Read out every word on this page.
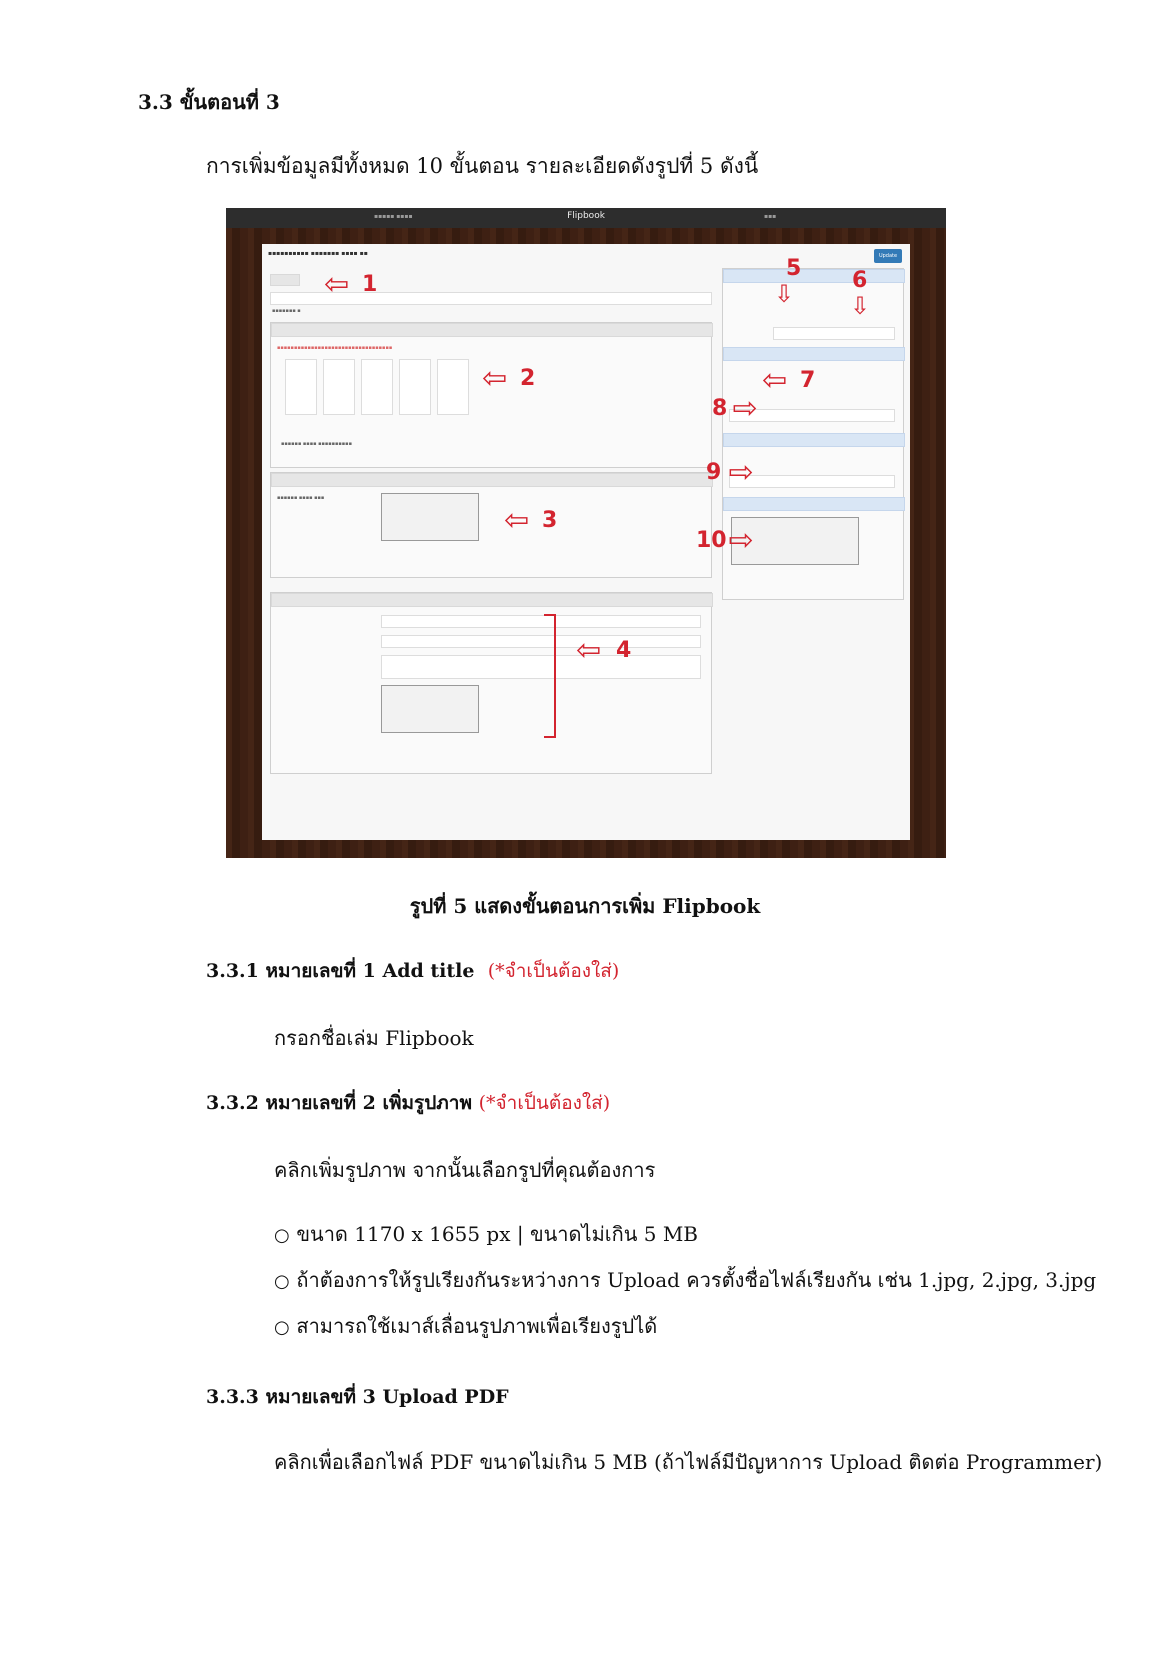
3.3 ขั้นตอนที่ 3
การเพิ่มข้อมูลมีทั้งหมด 10 ขั้นตอน รายละเอียดดังรูปที่ 5 ดังนี้
▪▪▪▪▪ ▪▪▪▪	Flipbook	▪▪▪
▪▪▪▪▪▪▪▪▪▪ ▪▪▪▪▪▪▪ ▪▪▪▪ ▪▪	Update
▪▪▪▪▪▪▪ ▪
▪▪▪▪▪▪▪▪▪▪▪▪▪▪▪▪▪▪▪▪▪▪▪▪▪▪▪▪▪▪▪▪▪▪
▪▪▪▪▪▪ ▪▪▪▪ ▪▪▪▪▪▪▪▪▪▪
▪▪▪▪▪▪ ▪▪▪▪ ▪▪▪
⇦ 1
⇦ 2
⇦ 3
⇦ 4
5
⇩	6
⇩
⇦ 7
8 ⇦
9 ⇦
10 ⇦
รูปที่ 5 แสดงขั้นตอนการเพิ่ม Flipbook
3.3.1 หมายเลขที่ 1 Add title (*จำเป็นต้องใส่)
กรอกชื่อเล่ม Flipbook
3.3.2 หมายเลขที่ 2 เพิ่มรูปภาพ (*จำเป็นต้องใส่)
คลิกเพิ่มรูปภาพ จากนั้นเลือกรูปที่คุณต้องการ
○ ขนาด 1170 x 1655 px | ขนาดไม่เกิน 5 MB
○ ถ้าต้องการให้รูปเรียงกันระหว่างการ Upload ควรตั้งชื่อไฟล์เรียงกัน เช่น 1.jpg, 2.jpg, 3.jpg
○ สามารถใช้เมาส์เลื่อนรูปภาพเพื่อเรียงรูปได้
3.3.3 หมายเลขที่ 3 Upload PDF
คลิกเพื่อเลือกไฟล์ PDF ขนาดไม่เกิน 5 MB (ถ้าไฟล์มีปัญหาการ Upload ติดต่อ Programmer)
